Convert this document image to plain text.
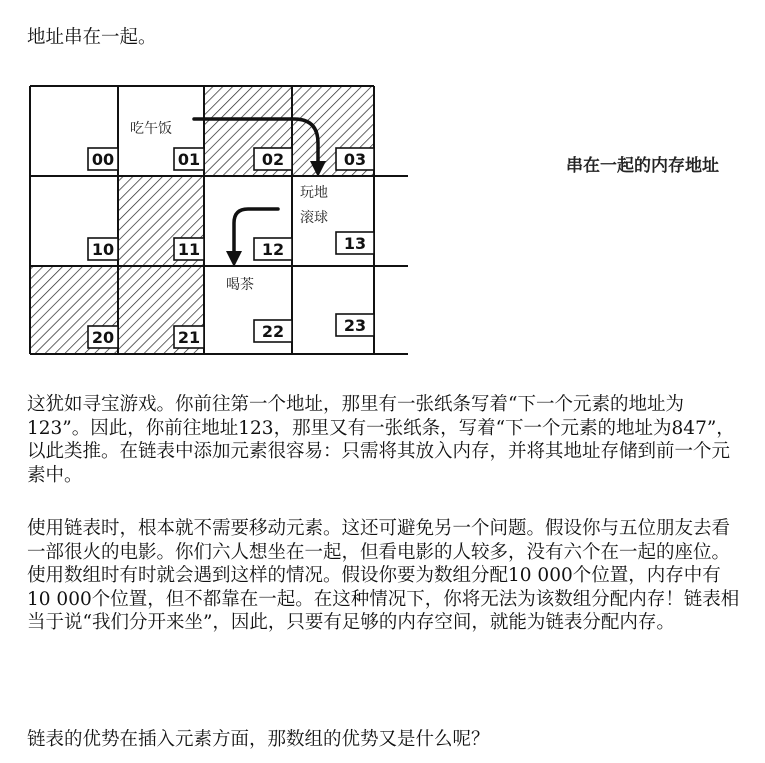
地址串在一起。

00	01	02	03
10	11	12	13
20	21	22	23
吃午饭
玩地
滚球
喝茶
串在一起的内存地址

这犹如寻宝游戏。你前往第一个地址，那里有一张纸条写着“下一个元素的地址为123”。因此，你前往地址123，那里又有一张纸条，写着“下一个元素的地址为847”，以此类推。在链表中添加元素很容易：只需将其放入内存，并将其地址存储到前一个元素中。

使用链表时，根本就不需要移动元素。这还可避免另一个问题。假设你与五位朋友去看一部很火的电影。你们六人想坐在一起，但看电影的人较多，没有六个在一起的座位。使用数组时有时就会遇到这样的情况。假设你要为数组分配10 000个位置，内存中有10 000个位置，但不都靠在一起。在这种情况下，你将无法为该数组分配内存！链表相当于说“我们分开来坐”，因此，只要有足够的内存空间，就能为链表分配内存。

链表的优势在插入元素方面，那数组的优势又是什么呢？
